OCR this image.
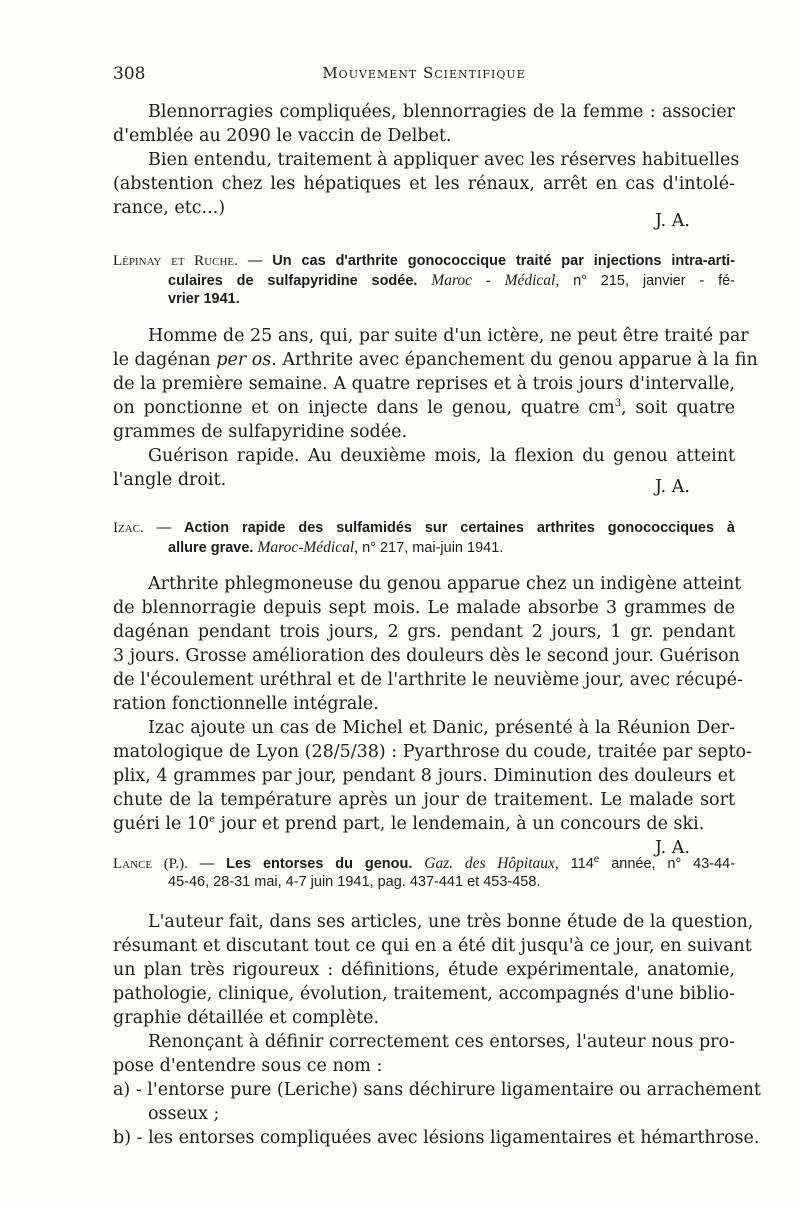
308	Mouvement Scientifique
Blennorragies compliquées, blennorragies de la femme : associer
d'emblée au 2090 le vaccin de Delbet.
Bien entendu, traitement à appliquer avec les réserves habituelles
(abstention chez les hépatiques et les rénaux, arrêt en cas d'intolé-
rance, etc...)
J. A.
Lépinay et Ruche. — Un cas d'arthrite gonococcique traité par injections intra-arti-
culaires de sulfapyridine sodée. Maroc - Médical, n° 215, janvier - fé-
vrier 1941.
Homme de 25 ans, qui, par suite d'un ictère, ne peut être traité par
le dagénan per os. Arthrite avec épanchement du genou apparue à la fin
de la première semaine. A quatre reprises et à trois jours d'intervalle,
on ponctionne et on injecte dans le genou, quatre $cm^3$, soit quatre
grammes de sulfapyridine sodée.
Guérison rapide. Au deuxième mois, la flexion du genou atteint
l'angle droit.	J. A.
Izac. — Action rapide des sulfamidés sur certaines arthrites gonococciques à
allure grave. Maroc-Médical, n° 217, mai-juin 1941.
Arthrite phlegmoneuse du genou apparue chez un indigène atteint
de blennorragie depuis sept mois. Le malade absorbe 3 grammes de
dagénan pendant trois jours, 2 grs. pendant 2 jours, 1 gr. pendant
3 jours. Grosse amélioration des douleurs dès le second jour. Guérison
de l'écoulement uréthral et de l'arthrite le neuvième jour, avec récupé-
ration fonctionnelle intégrale.
Izac ajoute un cas de Michel et Danic, présenté à la Réunion Der-
matologique de Lyon (28/5/38) : Pyarthrose du coude, traitée par septo-
plix, 4 grammes par jour, pendant 8 jours. Diminution des douleurs et
chute de la température après un jour de traitement. Le malade sort
guéri le 10e jour et prend part, le lendemain, à un concours de ski.
J. A.
Lance (P.). — Les entorses du genou. Gaz. des Hôpitaux, 114e année, n° 43-44-
45-46, 28-31 mai, 4-7 juin 1941, pag. 437-441 et 453-458.
L'auteur fait, dans ses articles, une très bonne étude de la question,
résumant et discutant tout ce qui en a été dit jusqu'à ce jour, en suivant
un plan très rigoureux : définitions, étude expérimentale, anatomie,
pathologie, clinique, évolution, traitement, accompagnés d'une biblio-
graphie détaillée et complète.
Renonçant à définir correctement ces entorses, l'auteur nous pro-
pose d'entendre sous ce nom :
a) - l'entorse pure (Leriche) sans déchirure ligamentaire ou arrachement
osseux ;
b) - les entorses compliquées avec lésions ligamentaires et hémarthrose.
